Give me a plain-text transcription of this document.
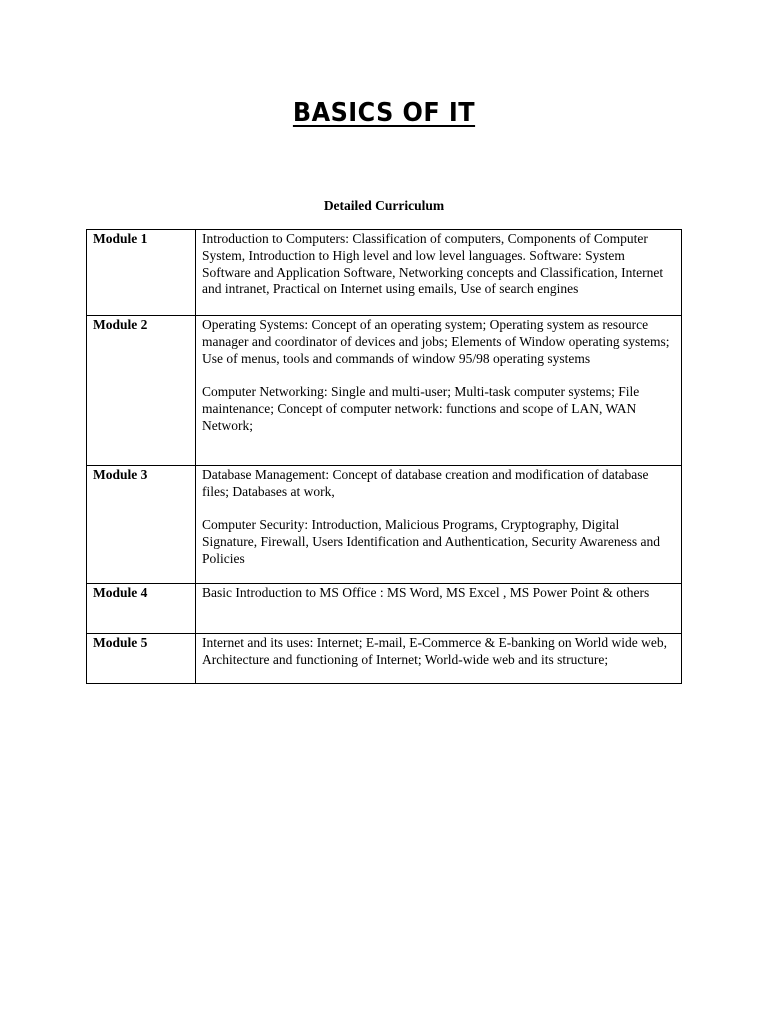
BASICS OF IT
Detailed Curriculum
Module 1	Introduction to Computers: Classification of computers, Components of Computer System, Introduction to High level and low level languages. Software: System Software and Application Software, Networking concepts and Classification, Internet and intranet, Practical on Internet using emails, Use of search engines

Module 2	Operating Systems: Concept of an operating system; Operating system as resource manager and coordinator of devices and jobs; Elements of Window operating systems; Use of menus, tools and commands of window 95/98 operating systems

Computer Networking: Single and multi-user; Multi-task computer systems; File maintenance; Concept of computer network: functions and scope of LAN, WAN Network;

Module 3	Database Management: Concept of database creation and modification of database files; Databases at work,

Computer Security: Introduction, Malicious Programs, Cryptography, Digital Signature, Firewall, Users Identification and Authentication, Security Awareness and Policies

Module 4	Basic Introduction to MS Office : MS Word, MS Excel , MS Power Point & others

Module 5	Internet and its uses: Internet; E-mail, E-Commerce & E-banking on World wide web, Architecture and functioning of Internet; World-wide web and its structure;
